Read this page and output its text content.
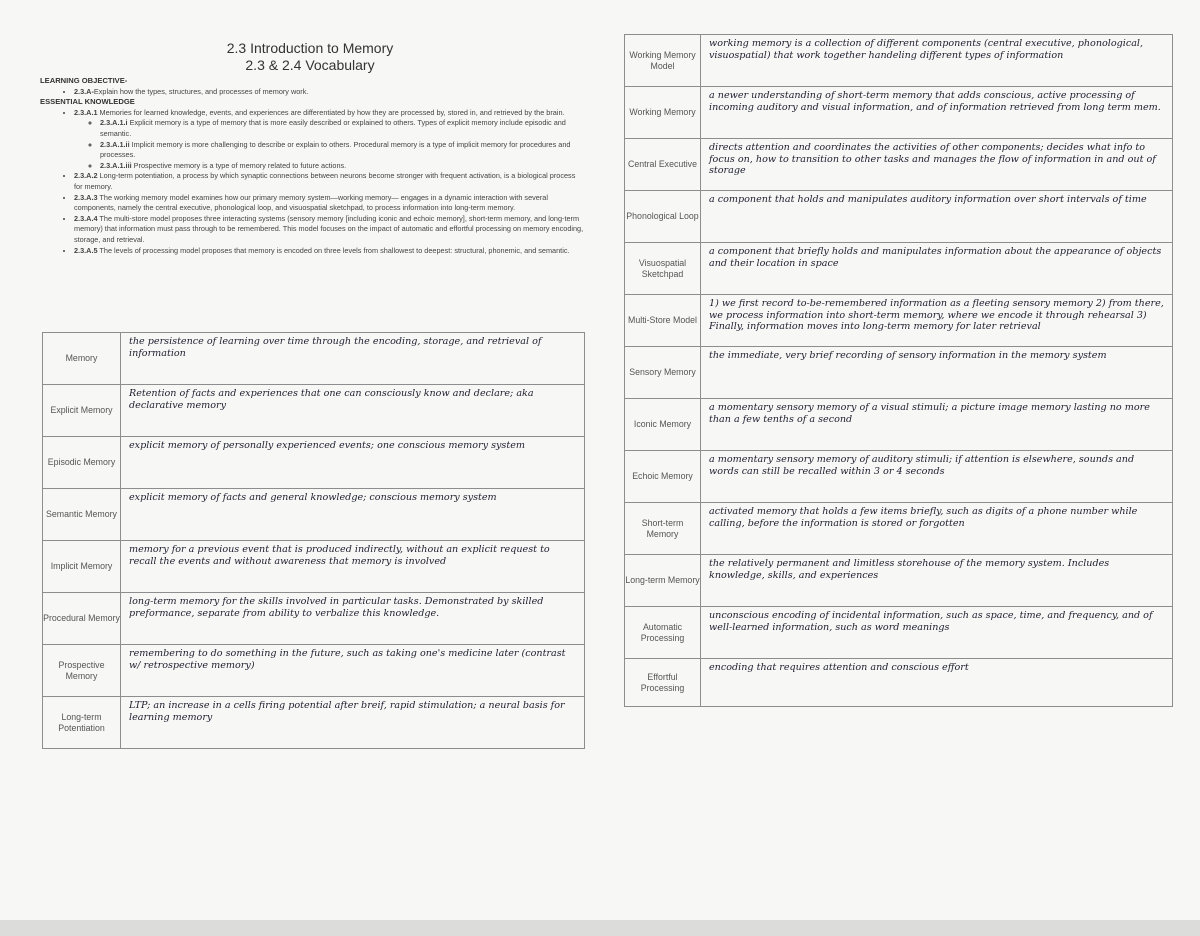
2.3 Introduction to Memory
2.3 & 2.4 Vocabulary
LEARNING OBJECTIVE-
• 2.3.A-Explain how the types, structures, and processes of memory work.
ESSENTIAL KNOWLEDGE
• 2.3.A.1 Memories for learned knowledge, events, and experiences are differentiated by how they are processed by, stored in, and retrieved by the brain.
◦ 2.3.A.1.i Explicit memory is a type of memory that is more easily described or explained to others. Types of explicit memory include episodic and semantic.
◦ 2.3.A.1.ii Implicit memory is more challenging to describe or explain to others. Procedural memory is a type of implicit memory for procedures and processes.
◦ 2.3.A.1.iii Prospective memory is a type of memory related to future actions.
• 2.3.A.2 Long-term potentiation, a process by which synaptic connections between neurons become stronger with frequent activation, is a biological process for memory.
• 2.3.A.3 The working memory model examines how our primary memory system—working memory— engages in a dynamic interaction with several components, namely the central executive, phonological loop, and visuospatial sketchpad, to process information into long-term memory.
• 2.3.A.4 The multi-store model proposes three interacting systems (sensory memory [including iconic and echoic memory], short-term memory, and long-term memory) that information must pass through to be remembered. This model focuses on the impact of automatic and effortful processing on memory encoding, storage, and retrieval.
• 2.3.A.5 The levels of processing model proposes that memory is encoded on three levels from shallowest to deepest: structural, phonemic, and semantic.
Memory	the persistence of learning over time through the encoding, storage, and retrieval of information
Explicit Memory	Retention of facts and experiences that one can consciously know and declare; aka declarative memory
Episodic Memory	explicit memory of personally experienced events; one conscious memory system
Semantic Memory	explicit memory of facts and general knowledge; conscious memory system
Implicit Memory	memory for a previous event that is produced indirectly, without an explicit request to recall the events and without awareness that memory is involved
Procedural Memory	long-term memory for the skills involved in particular tasks. Demonstrated by skilled preformance, separate from ability to verbalize this knowledge.
Prospective Memory	remembering to do something in the future, such as taking one's medicine later (contrast w/ retrospective memory)
Long-term Potentiation	LTP; an increase in a cells firing potential after breif, rapid stimulation; a neural basis for learning memory
Working Memory Model	working memory is a collection of different components (central executive, phonological, visuospatial) that work together handeling different types of information
Working Memory	a newer understanding of short-term memory that adds conscious, active processing of incoming auditory and visual information, and of information retrieved from long term mem.
Central Executive	directs attention and coordinates the activities of other components; decides what info to focus on, how to transition to other tasks and manages the flow of information in and out of storage
Phonological Loop	a component that holds and manipulates auditory information over short intervals of time
Visuospatial Sketchpad	a component that briefly holds and manipulates information about the appearance of objects and their location in space
Multi-Store Model	1) we first record to-be-remembered information as a fleeting sensory memory 2) from there, we process information into short-term memory, where we encode it through rehearsal 3) Finally, information moves into long-term memory for later retrieval
Sensory Memory	the immediate, very brief recording of sensory information in the memory system
Iconic Memory	a momentary sensory memory of a visual stimuli; a picture image memory lasting no more than a few tenths of a second
Echoic Memory	a momentary sensory memory of auditory stimuli; if attention is elsewhere, sounds and words can still be recalled within 3 or 4 seconds
Short-term Memory	activated memory that holds a few items briefly, such as digits of a phone number while calling, before the information is stored or forgotten
Long-term Memory	the relatively permanent and limitless storehouse of the memory system. Includes knowledge, skills, and experiences
Automatic Processing	unconscious encoding of incidental information, such as space, time, and frequency, and of well-learned information, such as word meanings
Effortful Processing	encoding that requires attention and conscious effort
